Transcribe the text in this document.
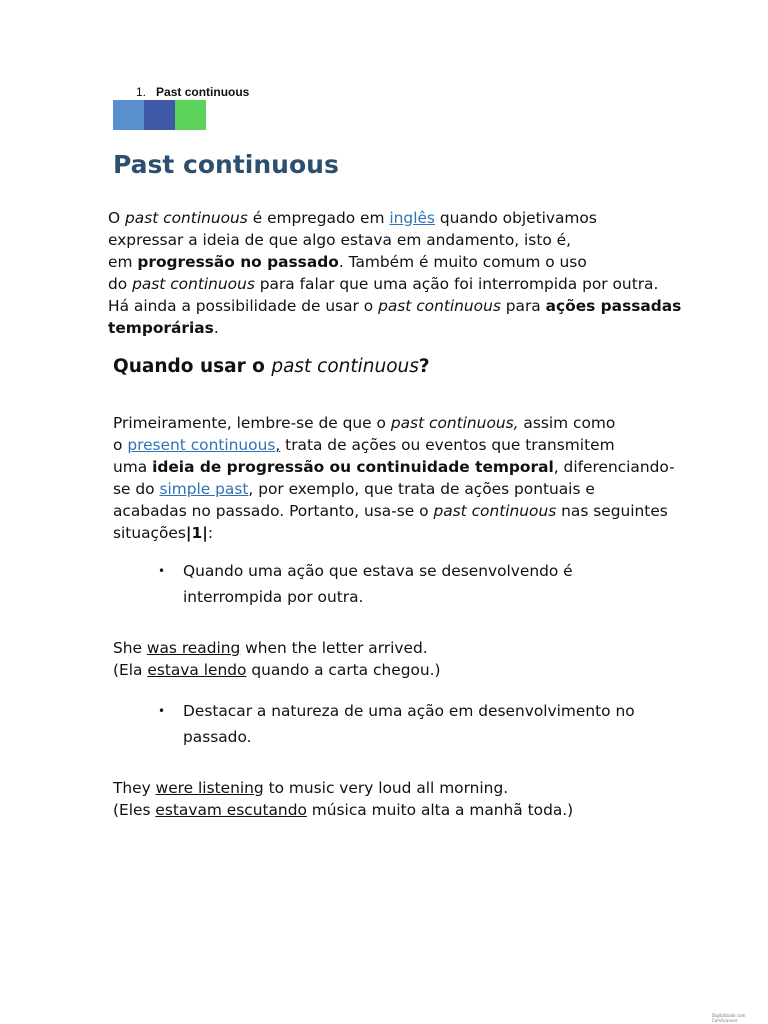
1. Past continuous
Past continuous

O past continuous é empregado em inglês quando objetivamos

expressar a ideia de que algo estava em andamento, isto é,

em progressão no passado. Também é muito comum o uso

do past continuous para falar que uma ação foi interrompida por outra.

Há ainda a possibilidade de usar o past continuous para ações passadas

temporárias.

Quando usar o past continuous?

Primeiramente, lembre-se de que o past continuous, assim como

o present continuous, trata de ações ou eventos que transmitem

uma ideia de progressão ou continuidade temporal, diferenciando-

se do simple past, por exemplo, que trata de ações pontuais e

acabadas no passado. Portanto, usa-se o past continuous nas seguintes

situações|1|:

• Quando uma ação que estava se desenvolvendo é
interrompida por outra.

She was reading when the letter arrived.

(Ela estava lendo quando a carta chegou.)

• Destacar a natureza de uma ação em desenvolvimento no
passado.

They were listening to music very loud all morning.

(Eles estavam escutando música muito alta a manhã toda.)

Digitalizado com CamScanner
